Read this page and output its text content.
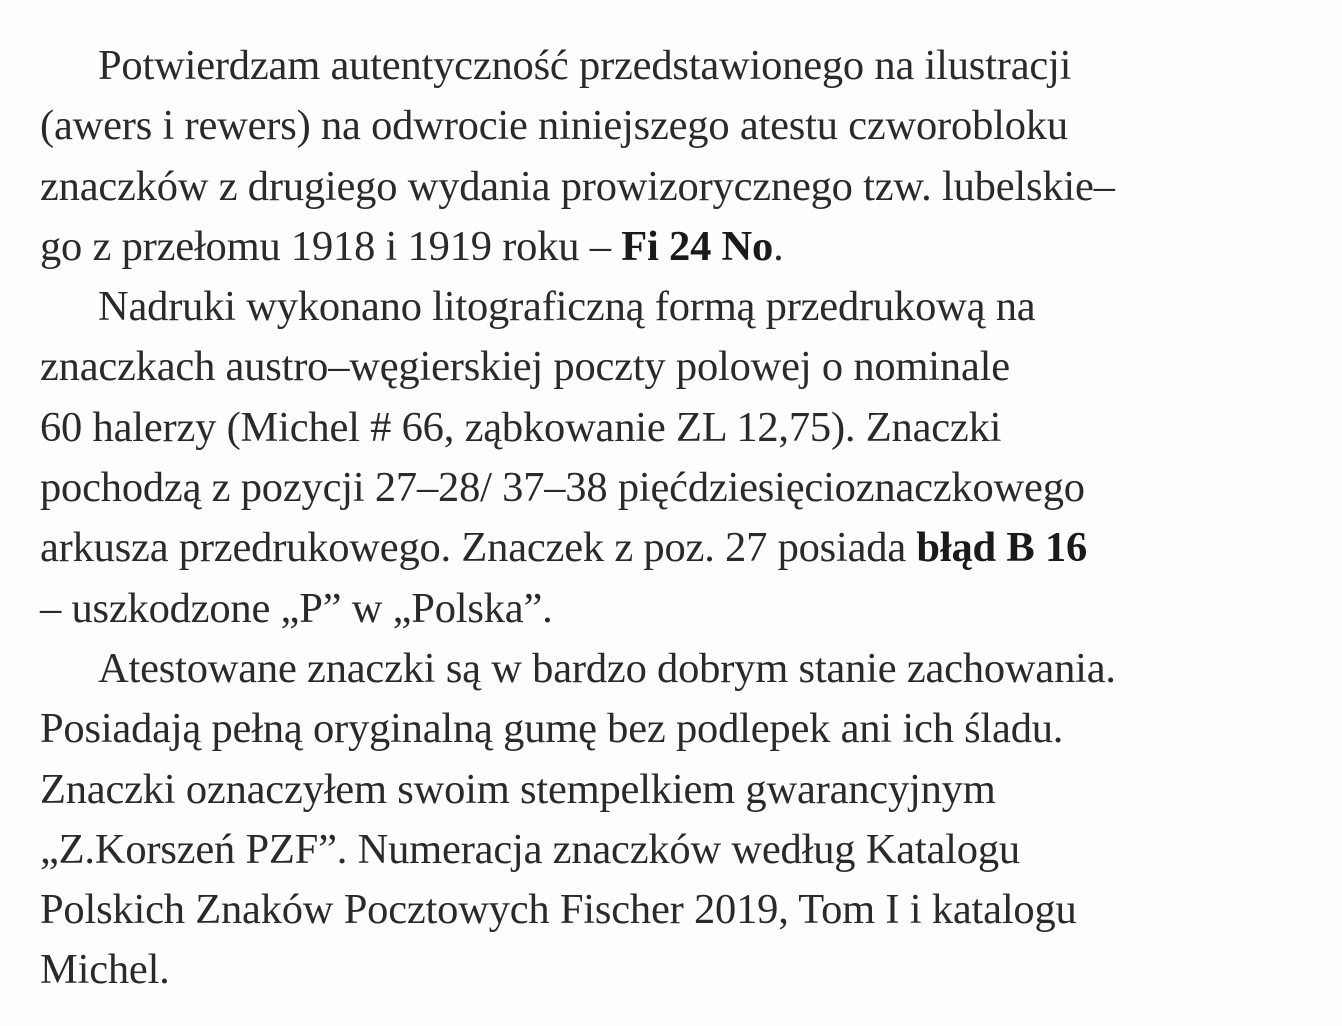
Potwierdzam autentyczność przedstawionego na ilustracji
(awers i rewers) na odwrocie niniejszego atestu czworobloku
znaczków z drugiego wydania prowizorycznego tzw. lubelskie–
go z przełomu 1918 i 1919 roku – Fi 24 No.
Nadruki wykonano litograficzną formą przedrukową na
znaczkach austro–węgierskiej poczty polowej o nominale
60 halerzy (Michel # 66, ząbkowanie ZL 12,75). Znaczki
pochodzą z pozycji 27–28/ 37–38 pięćdziesięcioznaczkowego
arkusza przedrukowego. Znaczek z poz. 27 posiada błąd B 16
– uszkodzone „P” w „Polska”.
Atestowane znaczki są w bardzo dobrym stanie zachowania.
Posiadają pełną oryginalną gumę bez podlepek ani ich śladu.
Znaczki oznaczyłem swoim stempelkiem gwarancyjnym
„Z.Korszeń PZF”. Numeracja znaczków według Katalogu
Polskich Znaków Pocztowych Fischer 2019, Tom I i katalogu
Michel.
